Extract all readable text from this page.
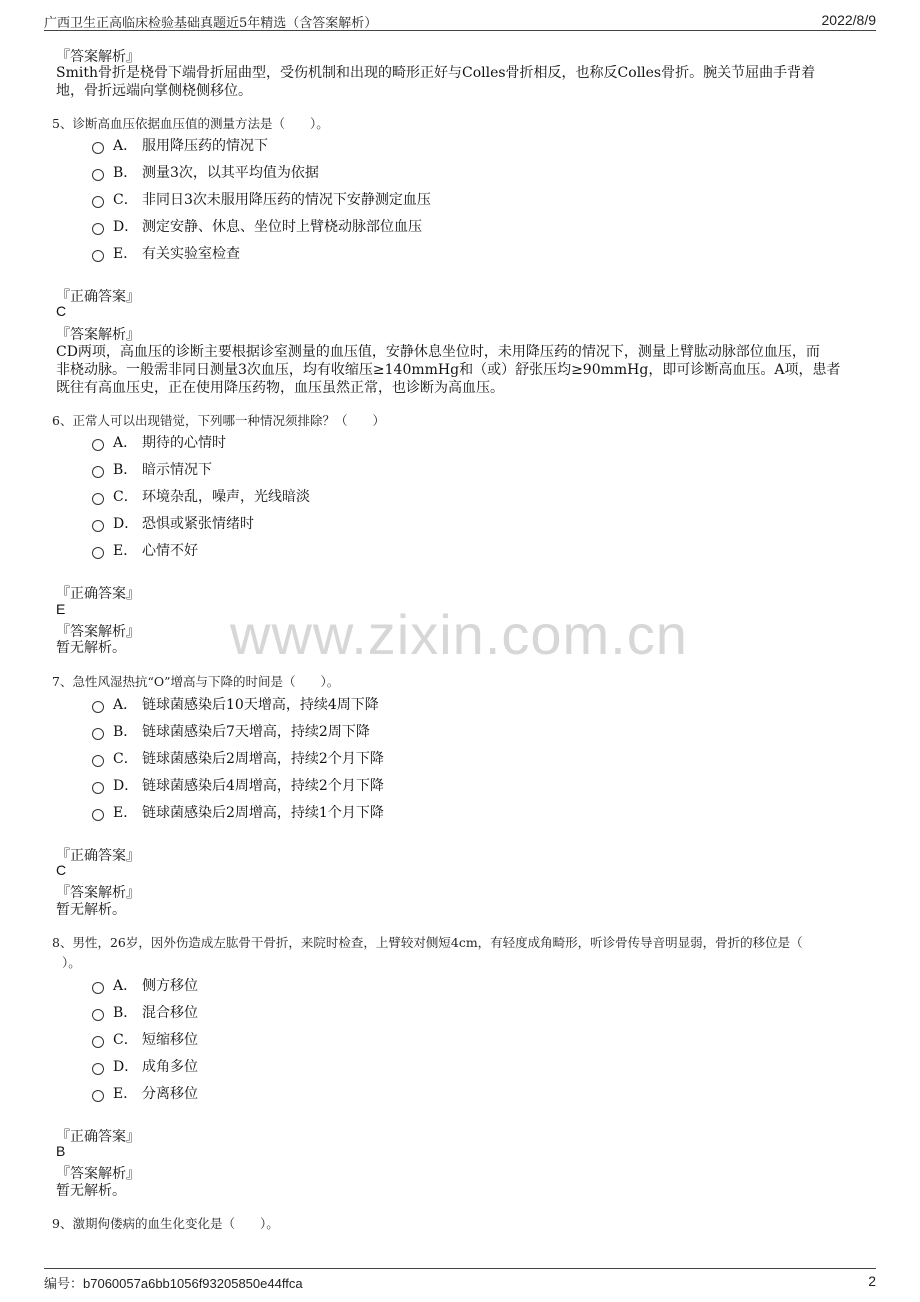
广西卫生正高临床检验基础真题近5年精选（含答案解析）	2022/8/9
『答案解析』
Smith骨折是桡骨下端骨折屈曲型，受伤机制和出现的畸形正好与Colles骨折相反，也称反Colles骨折。腕关节屈曲手背着
地，骨折远端向掌侧桡侧移位。
5、诊断高血压依据血压值的测量方法是（　　）。
A． 服用降压药的情况下
B． 测量3次，以其平均值为依据
C． 非同日3次未服用降压药的情况下安静测定血压
D． 测定安静、休息、坐位时上臂桡动脉部位血压
E． 有关实验室检查
『正确答案』
C
『答案解析』
CD两项，高血压的诊断主要根据诊室测量的血压值，安静休息坐位时，未用降压药的情况下，测量上臂肱动脉部位血压，而
非桡动脉。一般需非同日测量3次血压，均有收缩压≥140mmHg和（或）舒张压均≥90mmHg，即可诊断高血压。A项，患者
既往有高血压史，正在使用降压药物，血压虽然正常，也诊断为高血压。
6、正常人可以出现错觉，下列哪一种情况须排除？（　　）
A． 期待的心情时
B． 暗示情况下
C． 环境杂乱，噪声，光线暗淡
D． 恐惧或紧张情绪时
E． 心情不好
『正确答案』
E
『答案解析』
暂无解析。	www.zixin.com.cn
7、急性风湿热抗“O”增高与下降的时间是（　　）。
A． 链球菌感染后10天增高，持续4周下降
B． 链球菌感染后7天增高，持续2周下降
C． 链球菌感染后2周增高，持续2个月下降
D． 链球菌感染后4周增高，持续2个月下降
E． 链球菌感染后2周增高，持续1个月下降
『正确答案』
C
『答案解析』
暂无解析。
8、男性，26岁，因外伤造成左肱骨干骨折，来院时检查，上臂较对侧短4cm，有轻度成角畸形，听诊骨传导音明显弱，骨折的移位是（
）。
A． 侧方移位
B． 混合移位
C． 短缩移位
D． 成角多位
E． 分离移位
『正确答案』
B
『答案解析』
暂无解析。
9、激期佝偻病的血生化变化是（　　）。
编号：b7060057a6bb1056f93205850e44ffca	2
